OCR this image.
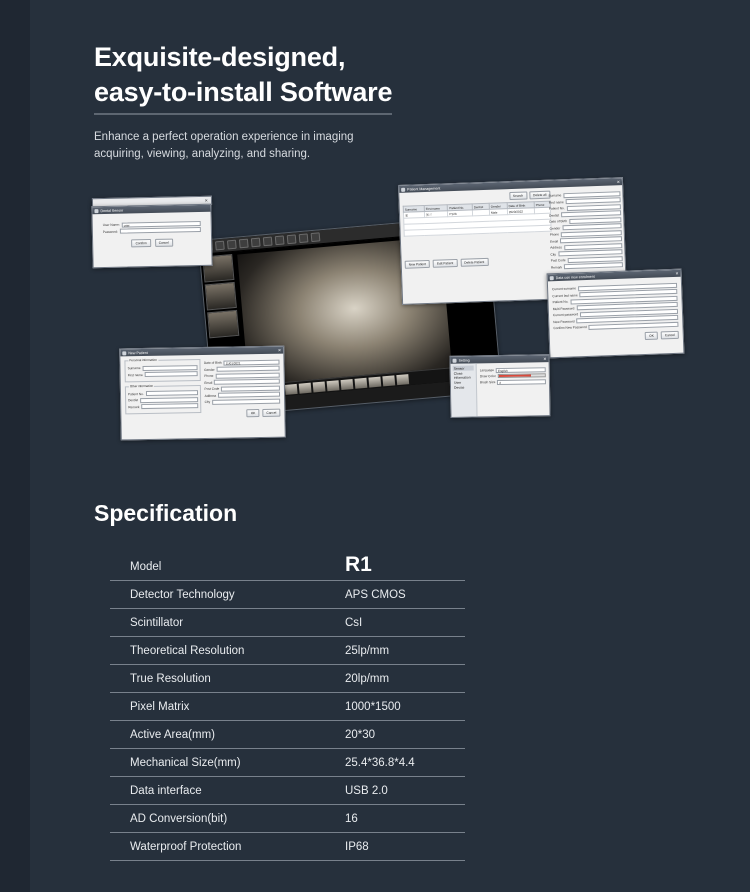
Exquisite-designed,
easy-to-install Software

Enhance a perfect operation experience in imaging
acquiring, viewing, analyzing, and sharing.

Patient Management
✕
Search	Delete all
Surname	First name	Patient No.	Dentist	Gender	Date of Birth	Phone
张	张三	P123		Male	2020/2022	

New Patient	Edit Patient	Delete Patient
Surname
First name
Patient No.
Dentist
Date of Birth
Gender
Phone
Email
Address
City
Post Code
Remark
Data use new enrolment
✕
Current surname
Current last name
Patient No.
Multi Password
Current password
New Password
Confirm New Password
OK	Cancel
✕
Dental Sensor
User Name:	user
Password:
Confirm	Cancel
New Patient	✕
Personal information
Surname
First name
Other information
Patient No.
Dentist
Remark
Date of Birth	11/01/2021
Gender
Phone
Email
Post Code
Address
City
OK	Cancel
Setting	✕
Sensor
Close information
User
Device
Language	English
Draw Color
Brush Size	2
Specification
Model	R1
Detector Technology	APS CMOS
Scintillator	CsI
Theoretical Resolution	25lp/mm
True Resolution	20lp/mm
Pixel Matrix	1000*1500
Active Area(mm)	20*30
Mechanical Size(mm)	25.4*36.8*4.4
Data interface	USB 2.0
AD Conversion(bit)	16
Waterproof Protection	IP68
